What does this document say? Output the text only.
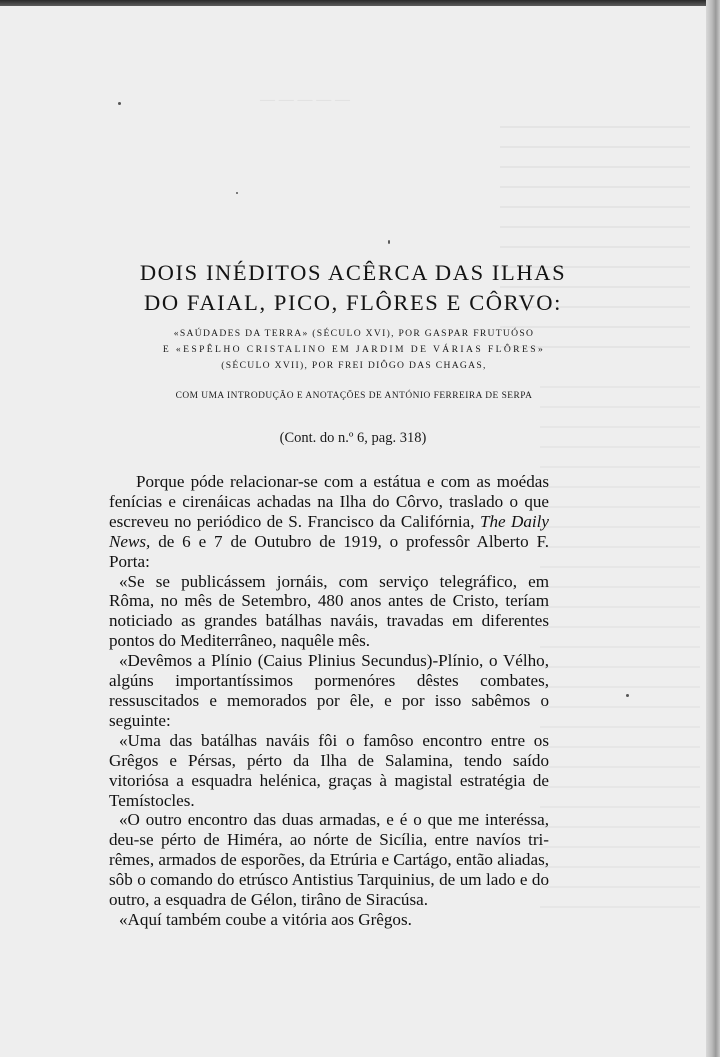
— — — — —
DOIS INÉDITOS ACÊRCA DAS ILHAS
DO FAIAL, PICO, FLÔRES E CÔRVO:
«SAÚDADES DA TERRA» (SÉCULO XVI), POR GASPAR FRUTUÓSO
E «ESPÊLHO CRISTALINO EM JARDIM DE VÁRIAS FLÔRES»
(SÉCULO XVII), POR FREI DIÔGO DAS CHAGAS,
COM UMA INTRODUÇÃO E ANOTAÇÕES DE ANTÓNIO FERREIRA DE SERPA
(Cont. do n.º 6, pag. 318)

Porque póde relacionar-se com a estátua e com as moédas fenícias e cirenáicas achadas na Ilha do Côrvo, traslado o que escreveu no periódico de S. Francisco da Califórnia, The Daily News, de 6 e 7 de Outubro de 1919, o professôr Alberto F. Porta:

«Se se publicássem jornáis, com serviço telegráfico, em Rôma, no mês de Setembro, 480 anos antes de Cristo, teríam noticiado as grandes batálhas naváis, travadas em diferentes pontos do Mediterrâneo, naquêle mês.

«Devêmos a Plínio (Caius Plinius Secundus)-Plínio, o Vélho, algúns importantíssimos pormenóres dêstes combates, ressuscitados e memorados por êle, e por isso sabêmos o seguinte:

«Uma das batálhas naváis fôi o famôso encontro entre os Grêgos e Pérsas, pérto da Ilha de Salamina, tendo saído vitoriósa a esquadra helénica, graças à magistal estratégia de Temístocles.

«O outro encontro das duas armadas, e é o que me interéssa, deu-se pérto de Himéra, ao nórte de Sicília, entre navíos tri-rêmes, armados de esporões, da Etrúria e Cartágo, então aliadas, sôb o comando do etrúsco Antistius Tarquinius, de um lado e do outro, a esquadra de Gélon, tirâno de Siracúsa.

«Aquí também coube a vitória aos Grêgos.
